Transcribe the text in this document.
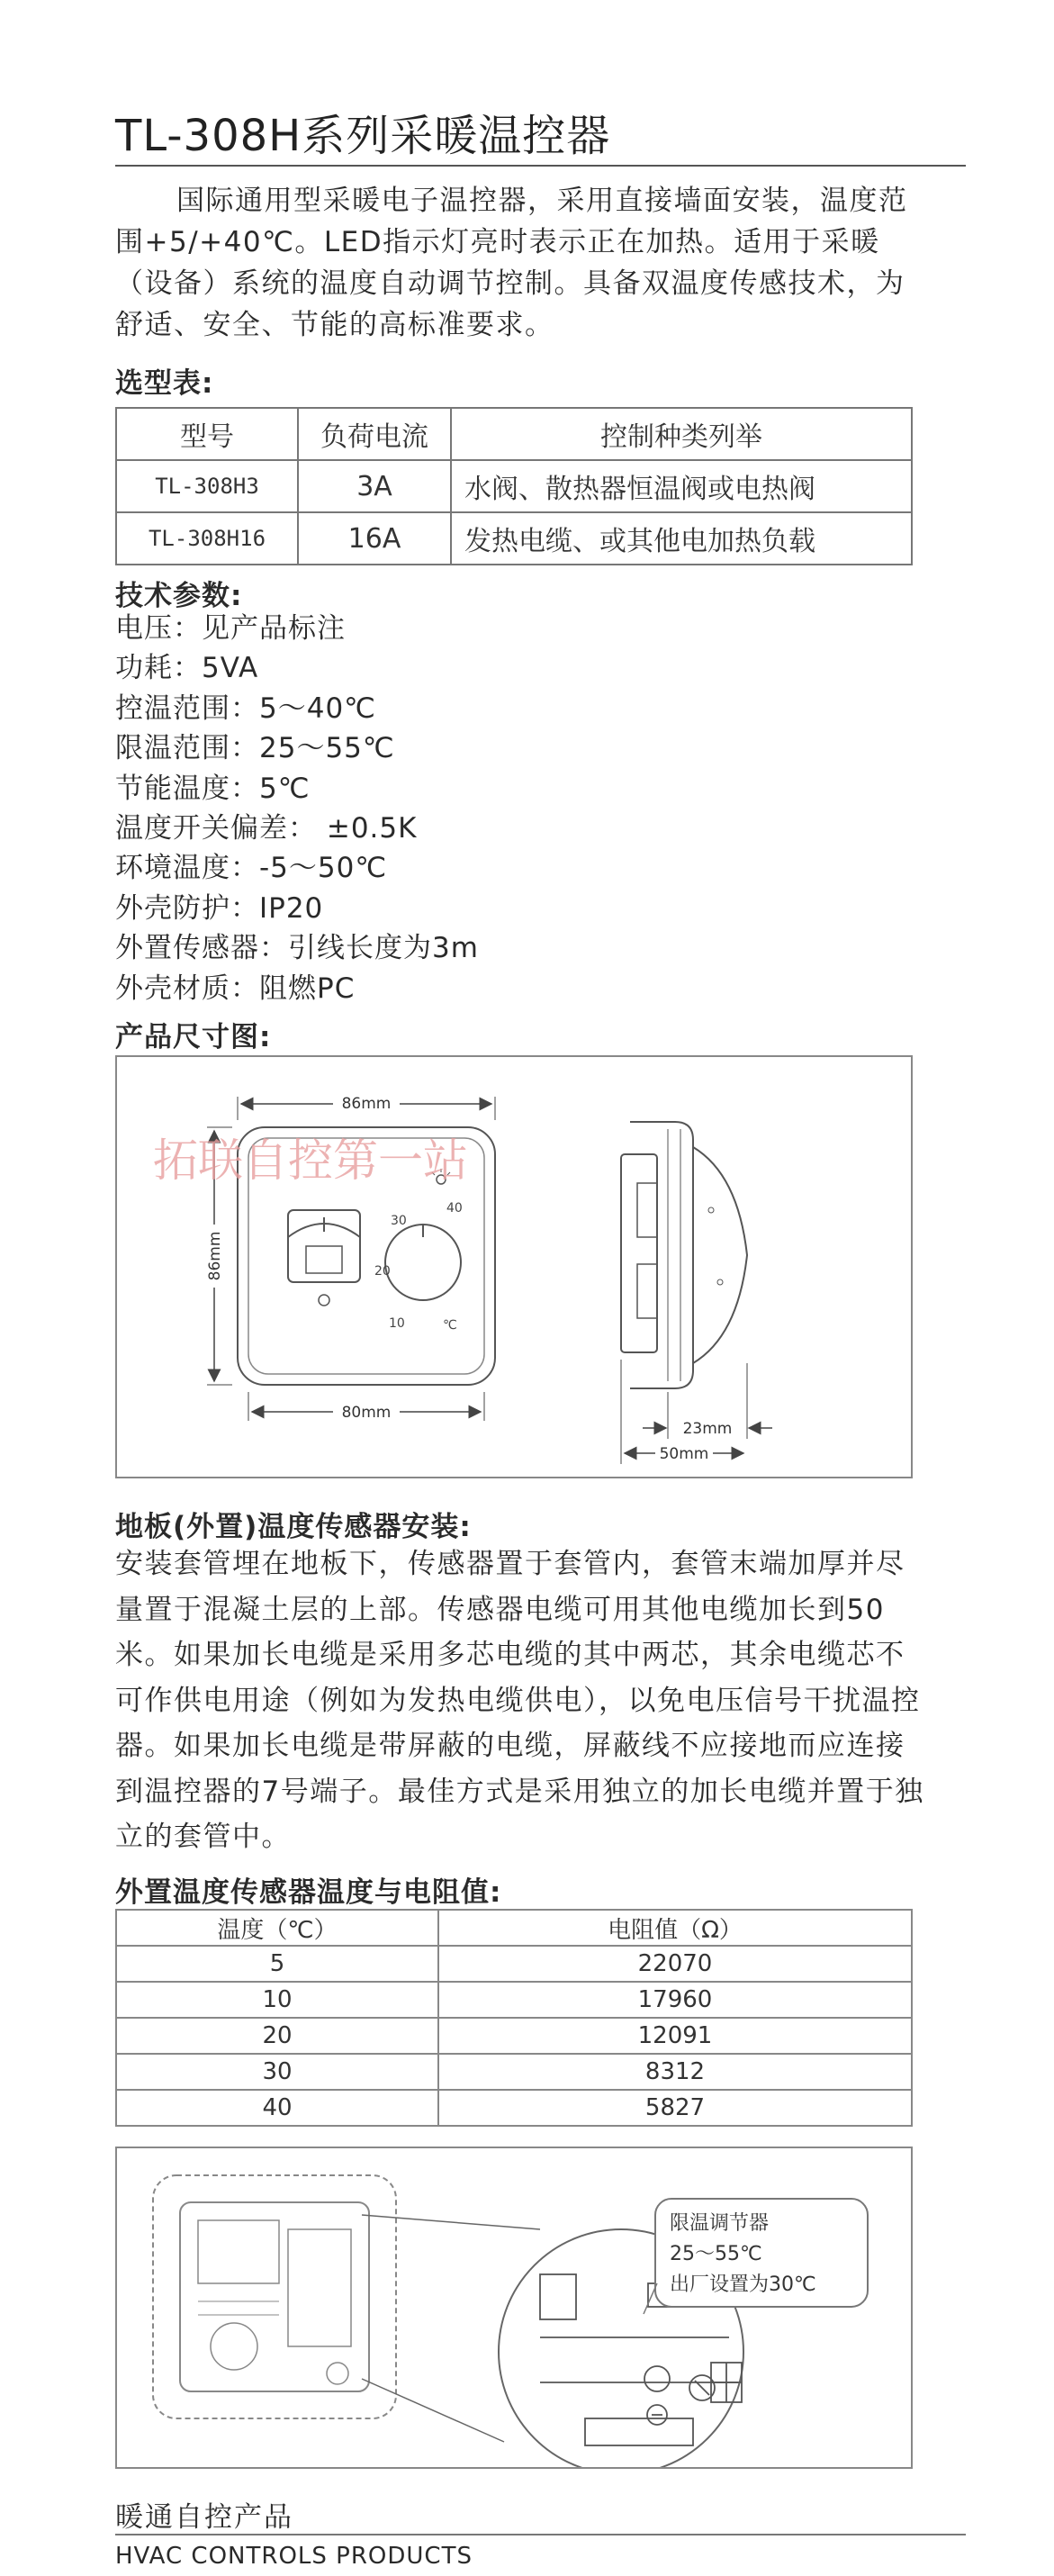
TL-308H系列采暖温控器

国际通用型采暖电子温控器，采用直接墙面安装，温度范围+5/+40℃。LED指示灯亮时表示正在加热。适用于采暖（设备）系统的温度自动调节控制。具备双温度传感技术，为舒适、安全、节能的高标准要求。

选型表:
型号	负荷电流	控制种类列举
TL-308H3	3A	水阀、散热器恒温阀或电热阀
TL-308H16	16A	发热电缆、或其他电加热负载
技术参数:
电压：见产品标注
功耗：5VA
控温范围：5～40℃
限温范围：25～55℃
节能温度：5℃
温度开关偏差： ±0.5K
环境温度：-5～50℃
外壳防护：IP20
外置传感器：引线长度为3m
外壳材质：阻燃PC
产品尺寸图:
40
30
20
10	℃
86mm
86mm
80mm
23mm
50mm
拓联自控第一站
地板(外置)温度传感器安装:
安装套管埋在地板下，传感器置于套管内，套管末端加厚并尽量置于混凝土层的上部。传感器电缆可用其他电缆加长到50米。如果加长电缆是采用多芯电缆的其中两芯，其余电缆芯不可作供电用途（例如为发热电缆供电），以免电压信号干扰温控器。如果加长电缆是带屏蔽的电缆，屏蔽线不应接地而应连接到温控器的7号端子。最佳方式是采用独立的加长电缆并置于独立的套管中。
外置温度传感器温度与电阻值:
温度（℃）	电阻值（Ω）
5	22070
10	17960
20	12091
30	8312
40	5827
限温调节器
25～55℃
出厂设置为30℃
暖通自控产品
HVAC CONTROLS PRODUCTS
